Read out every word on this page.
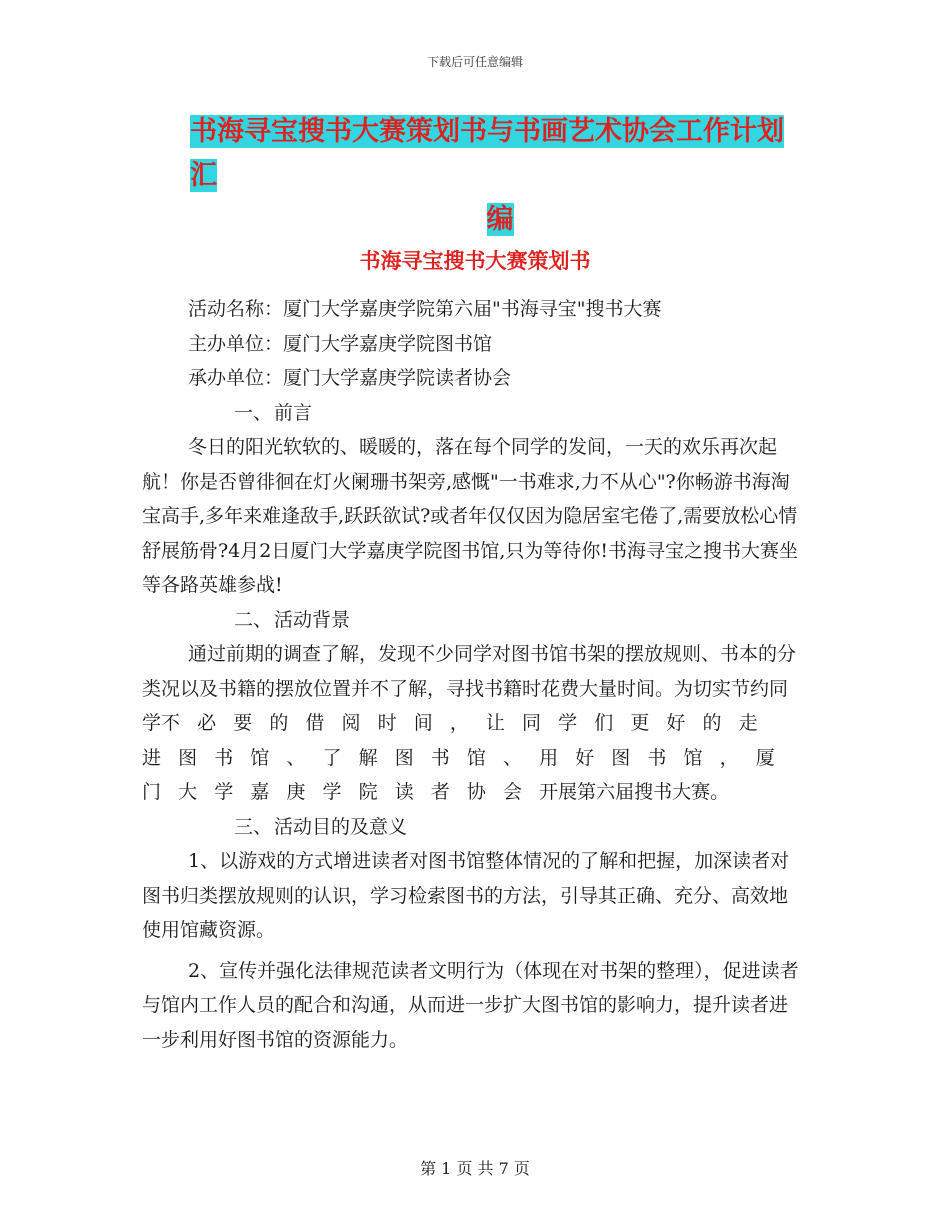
下载后可任意编辑
书海寻宝搜书大赛策划书与书画艺术协会工作计划汇
编
书海寻宝搜书大赛策划书

活动名称：厦门大学嘉庚学院第六届"书海寻宝"搜书大赛

主办单位：厦门大学嘉庚学院图书馆

承办单位：厦门大学嘉庚学院读者协会

一、 前言

冬日的阳光软软的、暖暖的，落在每个同学的发间，一天的欢乐再次起航！你是否曾徘徊在灯火阑珊书架旁,感慨"一书难求,力不从心"?你畅游书海淘宝高手,多年来难逢敌手,跃跃欲试?或者年仅仅因为隐居室宅倦了,需要放松心情舒展筋骨?4月2日厦门大学嘉庚学院图书馆,只为等待你!书海寻宝之搜书大赛坐等各路英雄参战!

二、 活动背景

通过前期的调查了解，发现不少同学对图书馆书架的摆放规则、书本的分类况以及书籍的摆放位置并不了解，寻找书籍时花费大量时间。为切实节约同学不必要的借阅时间，让同学们更好的走进图书馆、了解图书馆、用好图书馆，厦门大学嘉庚学院读者协会开展第六届搜书大赛。

三、 活动目的及意义

1、以游戏的方式增进读者对图书馆整体情况的了解和把握，加深读者对图书归类摆放规则的认识，学习检索图书的方法，引导其正确、充分、高效地使用馆藏资源。

2、宣传并强化法律规范读者文明行为（体现在对书架的整理），促进读者与馆内工作人员的配合和沟通，从而进一步扩大图书馆的影响力，提升读者进一步利用好图书馆的资源能力。

第 1 页 共 7 页
